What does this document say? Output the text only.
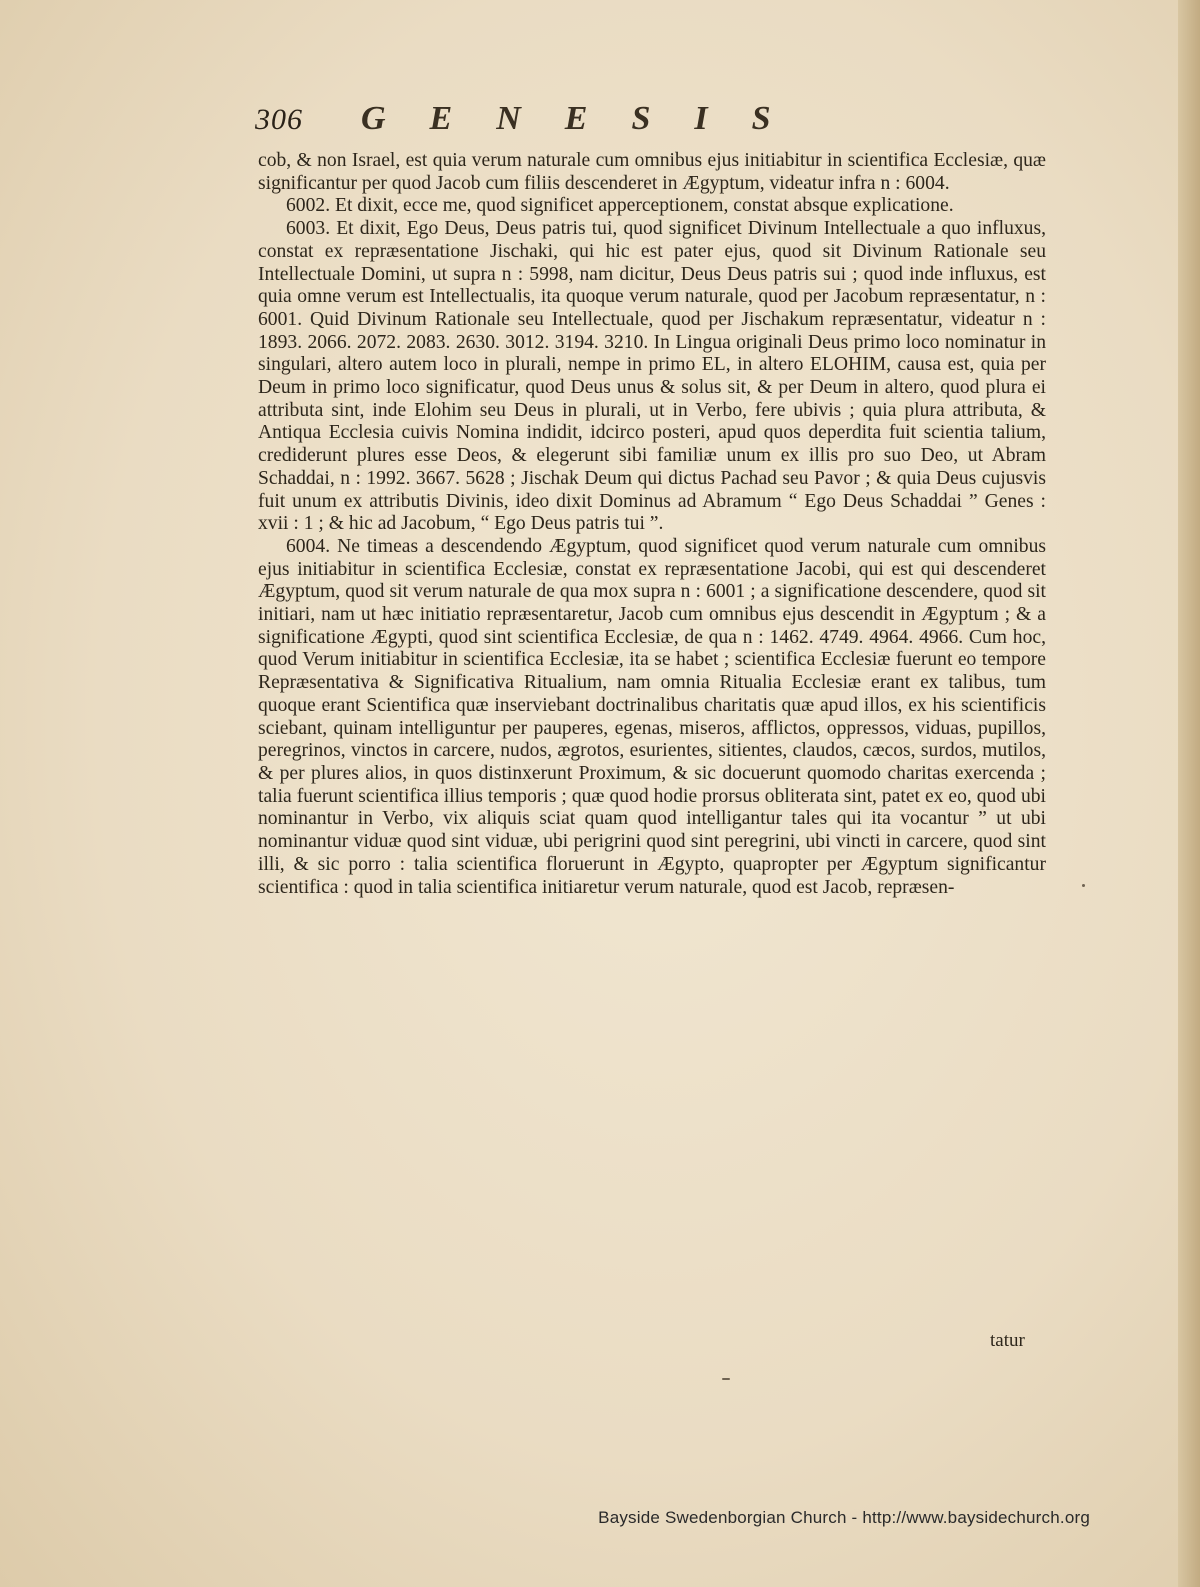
306 GENESIS

cob, & non Israel, est quia verum naturale cum omnibus ejus initiabitur in scientifica Ecclesiæ, quæ significantur per quod Jacob cum filiis descenderet in Ægyptum, videatur infra n : 6004.

6002. Et dixit, ecce me, quod significet apperceptionem, constat absque explicatione.

6003. Et dixit, Ego Deus, Deus patris tui, quod significet Divinum Intellectuale a quo influxus, constat ex repræsentatione Jischaki, qui hic est pater ejus, quod sit Divinum Rationale seu Intellectuale Domini, ut supra n : 5998, nam dicitur, Deus Deus patris sui ; quod inde influxus, est quia omne verum est Intellectualis, ita quoque verum naturale, quod per Jacobum repræsentatur, n : 6001. Quid Divinum Rationale seu Intellectuale, quod per Jischakum repræsentatur, videatur n : 1893. 2066. 2072. 2083. 2630. 3012. 3194. 3210. In Lingua originali Deus primo loco nominatur in singulari, altero autem loco in plurali, nempe in primo EL, in altero ELOHIM, causa est, quia per Deum in primo loco significatur, quod Deus unus & solus sit, & per Deum in altero, quod plura ei attributa sint, inde Elohim seu Deus in plurali, ut in Verbo, fere ubivis ; quia plura attributa, & Antiqua Ecclesia cuivis Nomina indidit, idcirco posteri, apud quos deperdita fuit scientia talium, crediderunt plures esse Deos, & elegerunt sibi familiæ unum ex illis pro suo Deo, ut Abram Schaddai, n : 1992. 3667. 5628 ; Jischak Deum qui dictus Pachad seu Pavor ; & quia Deus cujusvis fuit unum ex attributis Divinis, ideo dixit Dominus ad Abramum “ Ego Deus Schaddai ” Genes : xvii : 1 ; & hic ad Jacobum, “ Ego Deus patris tui ”.

6004. Ne timeas a descendendo Ægyptum, quod significet quod verum naturale cum omnibus ejus initiabitur in scientifica Ecclesiæ, constat ex repræsentatione Jacobi, qui est qui descenderet Ægyptum, quod sit verum naturale de qua mox supra n : 6001 ; a significatione descendere, quod sit initiari, nam ut hæc initiatio repræsentaretur, Jacob cum omnibus ejus descendit in Ægyptum ; & a significatione Ægypti, quod sint scientifica Ecclesiæ, de qua n : 1462. 4749. 4964. 4966. Cum hoc, quod Verum initiabitur in scientifica Ecclesiæ, ita se habet ; scientifica Ecclesiæ fuerunt eo tempore Repræsentativa & Significativa Ritualium, nam omnia Ritualia Ecclesiæ erant ex talibus, tum quoque erant Scientifica quæ inserviebant doctrinalibus charitatis quæ apud illos, ex his scientificis sciebant, quinam intelliguntur per pauperes, egenas, miseros, afflictos, oppressos, viduas, pupillos, peregrinos, vinctos in carcere, nudos, ægrotos, esurientes, sitientes, claudos, cæcos, surdos, mutilos, & per plures alios, in quos distinxerunt Proximum, & sic docuerunt quomodo charitas exercenda ; talia fuerunt scientifica illius temporis ; quæ quod hodie prorsus obliterata sint, patet ex eo, quod ubi nominantur in Verbo, vix aliquis sciat quam quod intelligantur tales qui ita vocantur ” ut ubi nominantur viduæ quod sint viduæ, ubi perigrini quod sint peregrini, ubi vincti in carcere, quod sint illi, & sic porro : talia scientifica floruerunt in Ægypto, quapropter per Ægyptum significantur scientifica : quod in talia scientifica initiaretur verum naturale, quod est Jacob, repræsen-

tatur
Bayside Swedenborgian Church - http://www.baysidechurch.org
